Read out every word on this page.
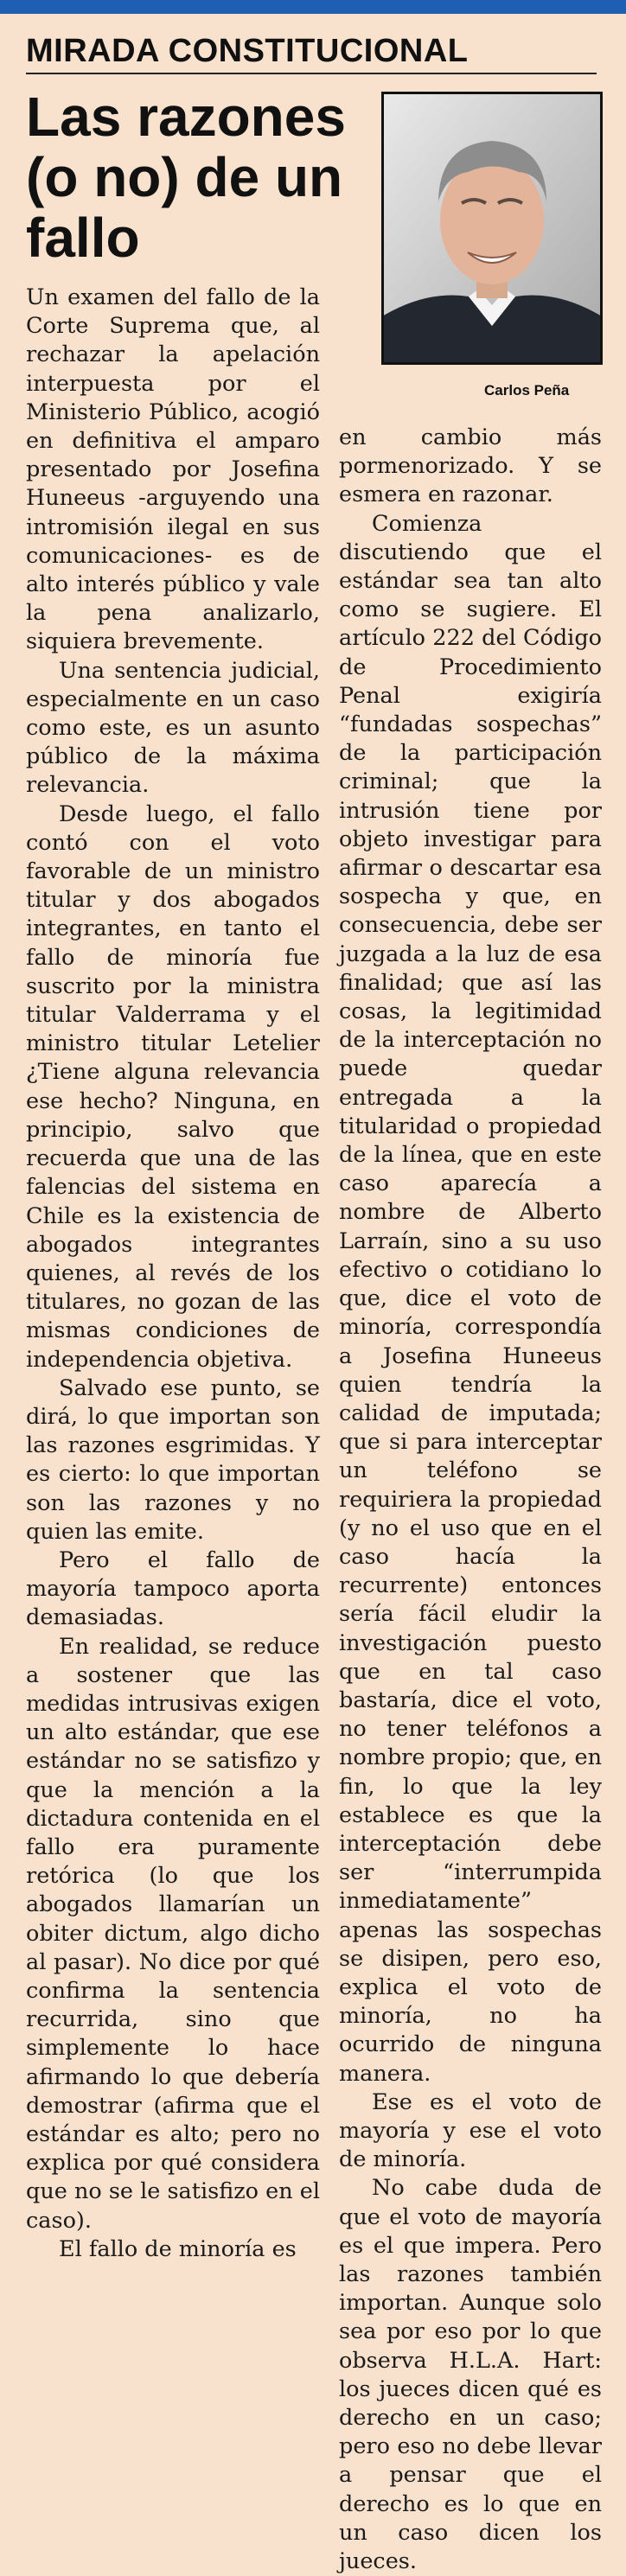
MIRADA CONSTITUCIONAL
Las razones (o no) de un fallo
Carlos Peña

Un examen del fallo de la Corte Suprema que, al rechazar la apelación interpuesta por el Ministerio Público, acogió en definitiva el amparo presentado por Josefina Huneeus -arguyendo una intromisión ilegal en sus comunicaciones- es de alto interés público y vale la pena analizarlo, siquiera brevemente.

Una sentencia judicial, especialmente en un caso como este, es un asunto público de la máxima relevancia.

Desde luego, el fallo contó con el voto favorable de un ministro titular y dos abogados integrantes, en tanto el fallo de minoría fue suscrito por la ministra titular Valderrama y el ministro titular Letelier ¿Tiene alguna relevancia ese hecho? Ninguna, en principio, salvo que recuerda que una de las falencias del sistema en Chile es la existencia de abogados integrantes quienes, al revés de los titulares, no gozan de las mismas condiciones de independencia objetiva.

Salvado ese punto, se dirá, lo que importan son las razones esgrimidas. Y es cierto: lo que importan son las razones y no quien las emite.

Pero el fallo de mayoría tampoco aporta demasiadas.

En realidad, se reduce a sostener que las medidas intrusivas exigen un alto estándar, que ese estándar no se satisfizo y que la mención a la dictadura contenida en el fallo era puramente retórica (lo que los abogados llamarían un obiter dictum, algo dicho al pasar). No dice por qué confirma la sentencia recurrida, sino que simplemente lo hace afirmando lo que debería demostrar (afirma que el estándar es alto; pero no explica por qué considera que no se le satisfizo en el caso).

El fallo de minoría es

en cambio más pormenorizado. Y se esmera en razonar.

Comienza discutiendo que el estándar sea tan alto como se sugiere. El artículo 222 del Código de Procedimiento Penal exigiría “fundadas sospechas” de la participación criminal; que la intrusión tiene por objeto investigar para afirmar o descartar esa sospecha y que, en consecuencia, debe ser juzgada a la luz de esa finalidad; que así las cosas, la legitimidad de la interceptación no puede quedar entregada a la titularidad o propiedad de la línea, que en este caso aparecía a nombre de Alberto Larraín, sino a su uso efectivo o cotidiano lo que, dice el voto de minoría, correspondía a Josefina Huneeus quien tendría la calidad de imputada; que si para interceptar un teléfono se requiriera la propiedad (y no el uso que en el caso hacía la recurrente) entonces sería fácil eludir la investigación puesto que en tal caso bastaría, dice el voto, no tener teléfonos a nombre propio; que, en fin, lo que la ley establece es que la interceptación debe ser “interrumpida inmediatamente” apenas las sospechas se disipen, pero eso, explica el voto de minoría, no ha ocurrido de ninguna manera.

Ese es el voto de mayoría y ese el voto de minoría.

No cabe duda de que el voto de mayoría es el que impera. Pero las razones también importan. Aunque solo sea por eso por lo que observa H.L.A. Hart: los jueces dicen qué es derecho en un caso; pero eso no debe llevar a pensar que el derecho es lo que en un caso dicen los jueces.
